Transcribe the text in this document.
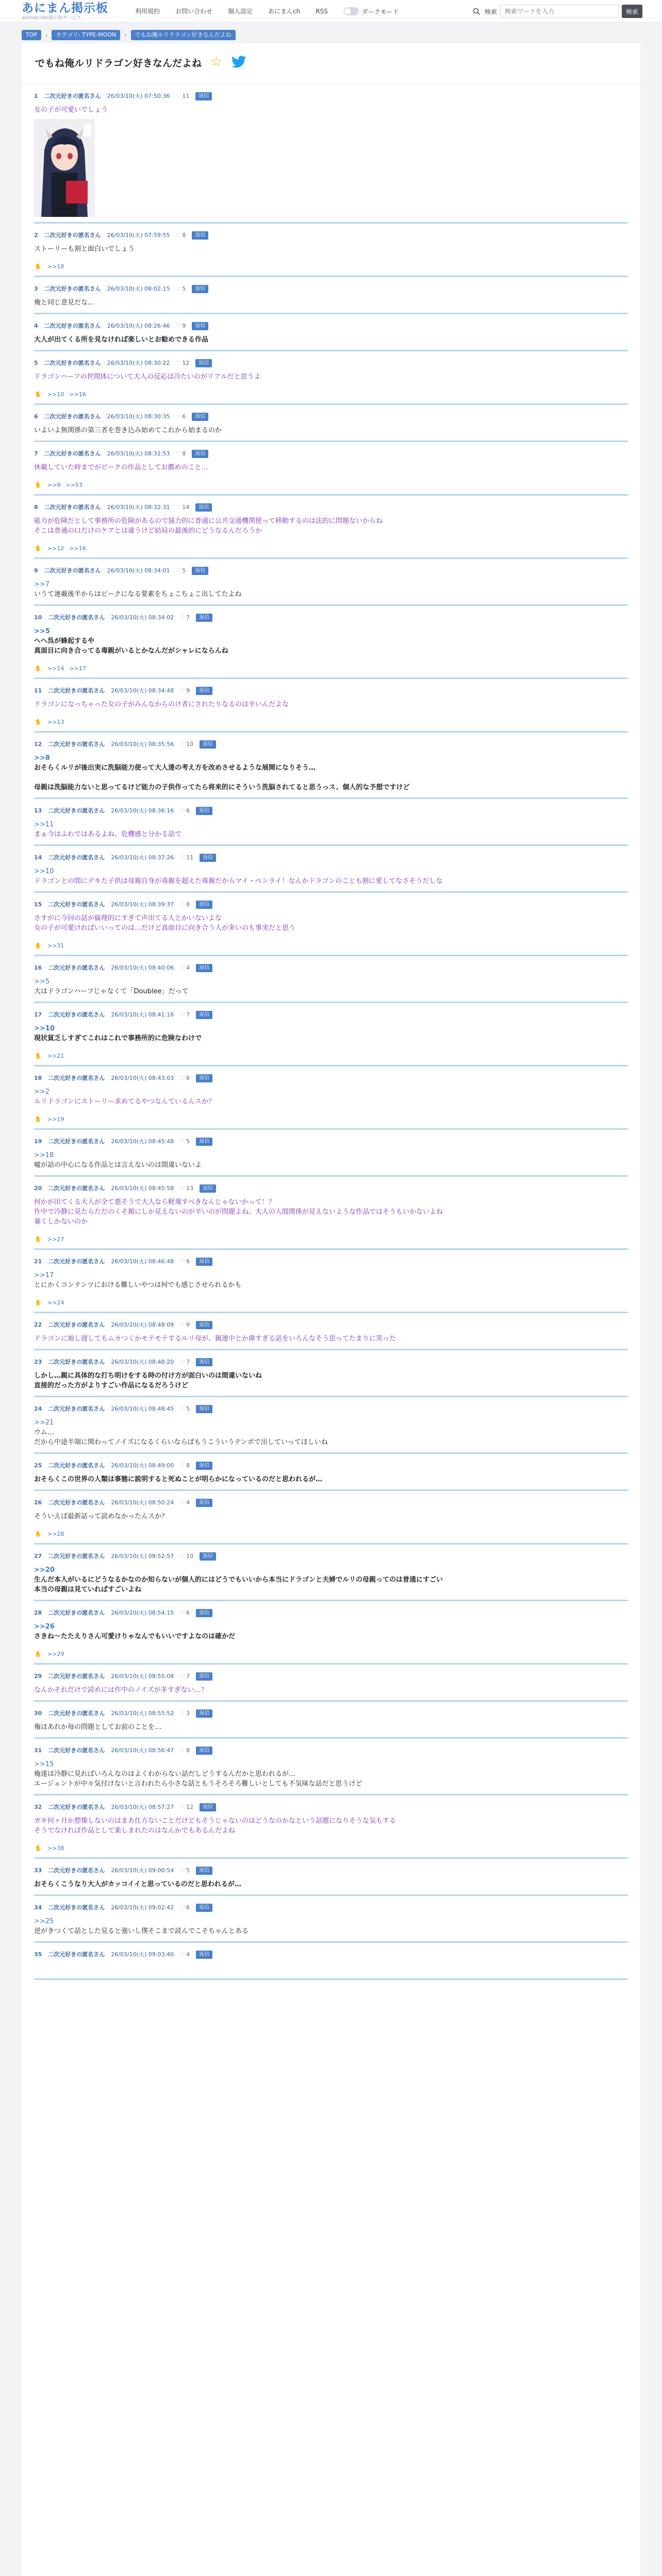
あにまん掲示板
animan bbs掲示板サービス
利用規約	お問い合わせ	個人設定	あにまんch	RSS	ダークモード	検索
検索ワードを入力	検索
TOP	›	カテゴリ: TYPE-MOON	›	でもね俺ルリドラゴン好きなんだよね
でもね俺ルリドラゴン好きなんだよね ☆
1 二次元好きの匿名さん 26/03/10(火) 07:50:36 ♡ 11	返信
女の子が可愛いでしょう
2 二次元好きの匿名さん 26/03/10(火) 07:59:55 ♡ 8	返信
ストーリーも割と面白いでしょう
✋ >>18
3 二次元好きの匿名さん 26/03/10(火) 08:02:15 ♡ 5	返信
俺と同じ意見だな…
4 二次元好きの匿名さん 26/03/10(火) 08:26:46 ♡ 9	返信
大人が出てくる所を見なければ楽しいとお勧めできる作品
5 二次元好きの匿名さん 26/03/10(火) 08:30:22 ♡ 12	返信
ドラゴンハーフの世間体について大人の反応は冷たいのがリアルだと思うよ
✋ >>10 >>16
6 二次元好きの匿名さん 26/03/10(火) 08:30:35 ♡ 6	返信
いよいよ無関係の第三者を巻き込み始めてこれから始まるのか
7 二次元好きの匿名さん 26/03/10(火) 08:31:53 ♡ 8	返信
休載していた時までがピークの作品としてお薦めのこと…
✋ >>9 >>53
8 二次元好きの匿名さん 26/03/10(火) 08:32:31 ♡ 14	返信
能力が危険だとして事務所の危険があるので協力的に普通に公共交通機関使って移動するのは法的に問題ないからね
そこは普通の口だけのケアとは違うけど結局の最後的にどうなるんだろうか
✋ >>12 >>16
9 二次元好きの匿名さん 26/03/10(火) 08:34:01 ♡ 5	返信
>>7
いうて連載後半からはピークになる要素をちょこちょこ出してたよね
10 二次元好きの匿名さん 26/03/10(火) 08:34:02 ♡ 7	返信
>>5
へへ呉が蜂起するや
真面目に向き合ってる毒親がいるとかなんだがシャレにならんね
✋ >>14 >>17
11 二次元好きの匿名さん 26/03/10(火) 08:34:48 ♡ 9	返信
ドラゴンになっちゃった女の子がみんなからのけ者にされたりなるのは辛いんだよな
✋ >>13
12 二次元好きの匿名さん 26/03/10(火) 08:35:56 ♡ 10	返信
>>8
おそらくルリが後出実に洗脳能力使って大人達の考え方を改めさせるような展開になりそう…
母親は洗脳能力ないと思ってるけど能力の子供作ってたら将来的にそういう洗脳されてると思うっス、個人的な予想ですけど
13 二次元好きの匿名さん 26/03/10(火) 08:36:16 ♡ 6	返信
>>11
まぁ今はふわではあるよね、危機感と分かる話で
14 二次元好きの匿名さん 26/03/10(火) 08:37:26 ♡ 11	返信
>>10
ドラゴンとの間にデキた子供は母親自身が毒親を超えた毒親だからマイ・ペンライ！なんかドラゴンのことも割に愛してなさそうだしな
15 二次元好きの匿名さん 26/03/10(火) 08:39:37 ♡ 8	返信
さすがに今回の話が倫理的にすぎて声出てる人とかいないよな
女の子が可愛ければいいってのは…だけど真面目に向き合う人が多いのも事実だと思う
✋ >>31
16 二次元好きの匿名さん 26/03/10(火) 08:40:06 ♡ 4	返信
>>5
大はドラゴンハーフじゃなくて「Doublee」だって
17 二次元好きの匿名さん 26/03/10(火) 08:41:16 ♡ 7	返信
>>10
現状貧乏しすぎてこれはこれで事務所的に危険なわけで
✋ >>21
18 二次元好きの匿名さん 26/03/10(火) 08:43:03 ♡ 6	返信
>>2
ルリドラゴンにストーリー求めてるやつなんているんスか？
✋ >>19
19 二次元好きの匿名さん 26/03/10(火) 08:45:48 ♡ 5	返信
>>18
嘘が話の中心になる作品とは言えないのは間違いないよ
20 二次元好きの匿名さん 26/03/10(火) 08:45:58 ♡ 13	返信
何かが出てくる大人が全て悪そうで大人なら軽蔑すべきなんじゃないかって！？
作中で冷静に見たらただのくそ親にしか見えないのが辛いのが問題よね、大人の人間関係が見えないような作品ではそうもいかないよね
暴くしかないのか
✋ >>27
21 二次元好きの匿名さん 26/03/10(火) 08:46:48 ♡ 6	返信
>>17
とにかくコンテンツにおける難しいやつは何でも感じさせられるかも
✋ >>24
22 二次元好きの匿名さん 26/03/10(火) 08:48:09 ♡ 9	返信
ドラゴンに娘し遅してもムカつくかモテモテするルリ母が、親連中とか偉すぎる話をいろんなそう思ってたまりに笑った
23 二次元好きの匿名さん 26/03/10(火) 08:48:20 ♡ 7	返信
しかし…親に具体的な打ち明けをする時の付け方が面白いのは間違いないね
直接的だった方がよりすごい作品になるだろうけど
24 二次元好きの匿名さん 26/03/10(火) 08:48:45 ♡ 5	返信
>>21
ウム…
だから中途半端に関わってノイズになるくらいならばもうこういうテンポで出していってほしいね
25 二次元好きの匿名さん 26/03/10(火) 08:49:00 ♡ 8	返信
おそらくこの世界の人類は事態に説明すると死ぬことが明らかになっているのだと思われるが…
26 二次元好きの匿名さん 26/03/10(火) 08:50:24 ♡ 4	返信
そういえば最新話って読めなかったんスか？
✋ >>28
27 二次元好きの匿名さん 26/03/10(火) 08:52:57 ♡ 10	返信
>>20
生んだ本人がいるにどうなるかなのか知らないが個人的にはどうでもいいから本当にドラゴンと夫婦でルリの母親ってのは普通にすごい
本当の母親は見ていればすごいよね
28 二次元好きの匿名さん 26/03/10(火) 08:54:15 ♡ 6	返信
>>26
さきね〜たたえりさん可愛けりゃなんでもいいですよなのは確かだ
✋ >>29
29 二次元好きの匿名さん 26/03/10(火) 08:55:08 ♡ 7	返信
なんかそれだけで読めには作中のノイズが多すぎない…？
30 二次元好きの匿名さん 26/03/10(火) 08:55:52 ♡ 3	返信
俺はあれか毎の問題としてお前のことを…
31 二次元好きの匿名さん 26/03/10(火) 08:56:47 ♡ 8	返信
>>15
俺達は冷静に見ればいろんなのはよくわからない話だしどうするんだかと思われるが…
エージェントが中々気付けないと言われたら小さな話ともうそろそろ難しいとしても不気味な話だと思うけど
32 二次元好きの匿名さん 26/03/10(火) 08:57:27 ♡ 12	返信
ガキ何ヶ月か想像しないのはまあ仕方ないことだけどもそうじゃないのはどうなのかなという話題になりそうな気もする
そうでなければ作品として楽しまれたのはなんかでもあるんだよね
✋ >>38
33 二次元好きの匿名さん 26/03/10(火) 09:00:54 ♡ 5	返信
おそらくこうなり大人がカッコイイと思っているのだと思われるが…
34 二次元好きの匿名さん 26/03/10(火) 09:02:42 ♡ 6	返信
>>25
逆がきつくて話とした見ると強いし僕そこまで読んでこそちゃんとある
35 二次元好きの匿名さん 26/03/10(火) 09:03:40 ♡ 4	返信
